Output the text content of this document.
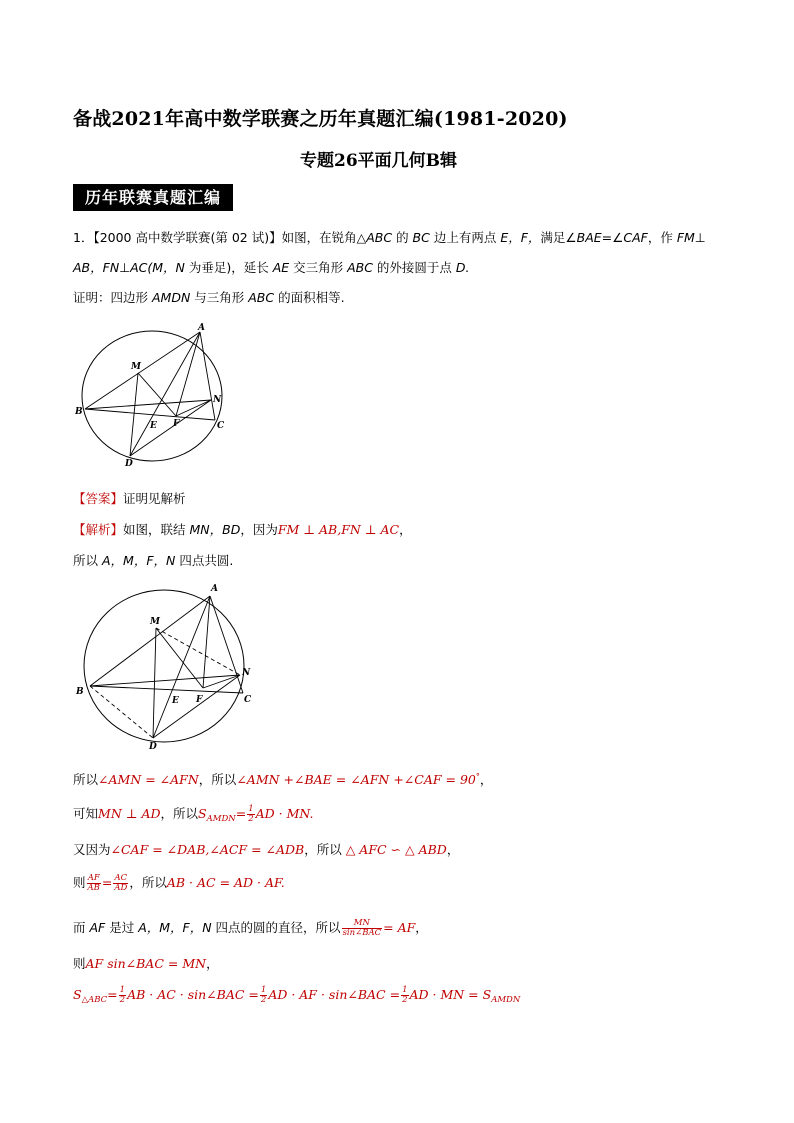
备战2021年高中数学联赛之历年真题汇编(1981-2020)
专题26平面几何B辑
历年联赛真题汇编
1．【2000 高中数学联赛(第 02 试)】如图，在锐角△ABC 的 BC 边上有两点 E，F，满足∠BAE=∠CAF，作 FM⊥
AB，FN⊥AC(M，N 为垂足)，延长 AE 交三角形 ABC 的外接圆于点 D.
证明：四边形 AMDN 与三角形 ABC 的面积相等.
A
B
C
D
E F
M
N
【答案】证明见解析
【解析】如图，联结 MN，BD，因为FM ⊥ AB,FN ⊥ AC，
所以 A，M，F，N 四点共圆.
A
B
C
D
E F
M
N
所以∠AMN = ∠AFN，所以∠AMN +∠BAE = ∠AFN +∠CAF = 90°，
可知MN ⊥ AD，所以$S_{AMDN}= \frac{1}{2}$ AD · MN.
又因为∠CAF = ∠DAB,∠ACF = ∠ADB，所以 △ AFC ∽ △ ABD，
则 $\frac{AF}{AB} = \frac{AC}{AD}$ ，所以AB · AC = AD · AF.
而 AF 是过 A，M，F，N 四点的圆的直径，所以 $\frac{MN}{\text{sin∠BAC}}$ = AF，
则AF sin∠BAC = MN，
$S_{\triangle ABC}= \frac{1}{2}$ AB · AC · sin∠BAC = $\frac{1}{2}$ AD · AF · sin∠BAC = $\frac{1}{2}$ AD · MN = $S_{AMDN}$
